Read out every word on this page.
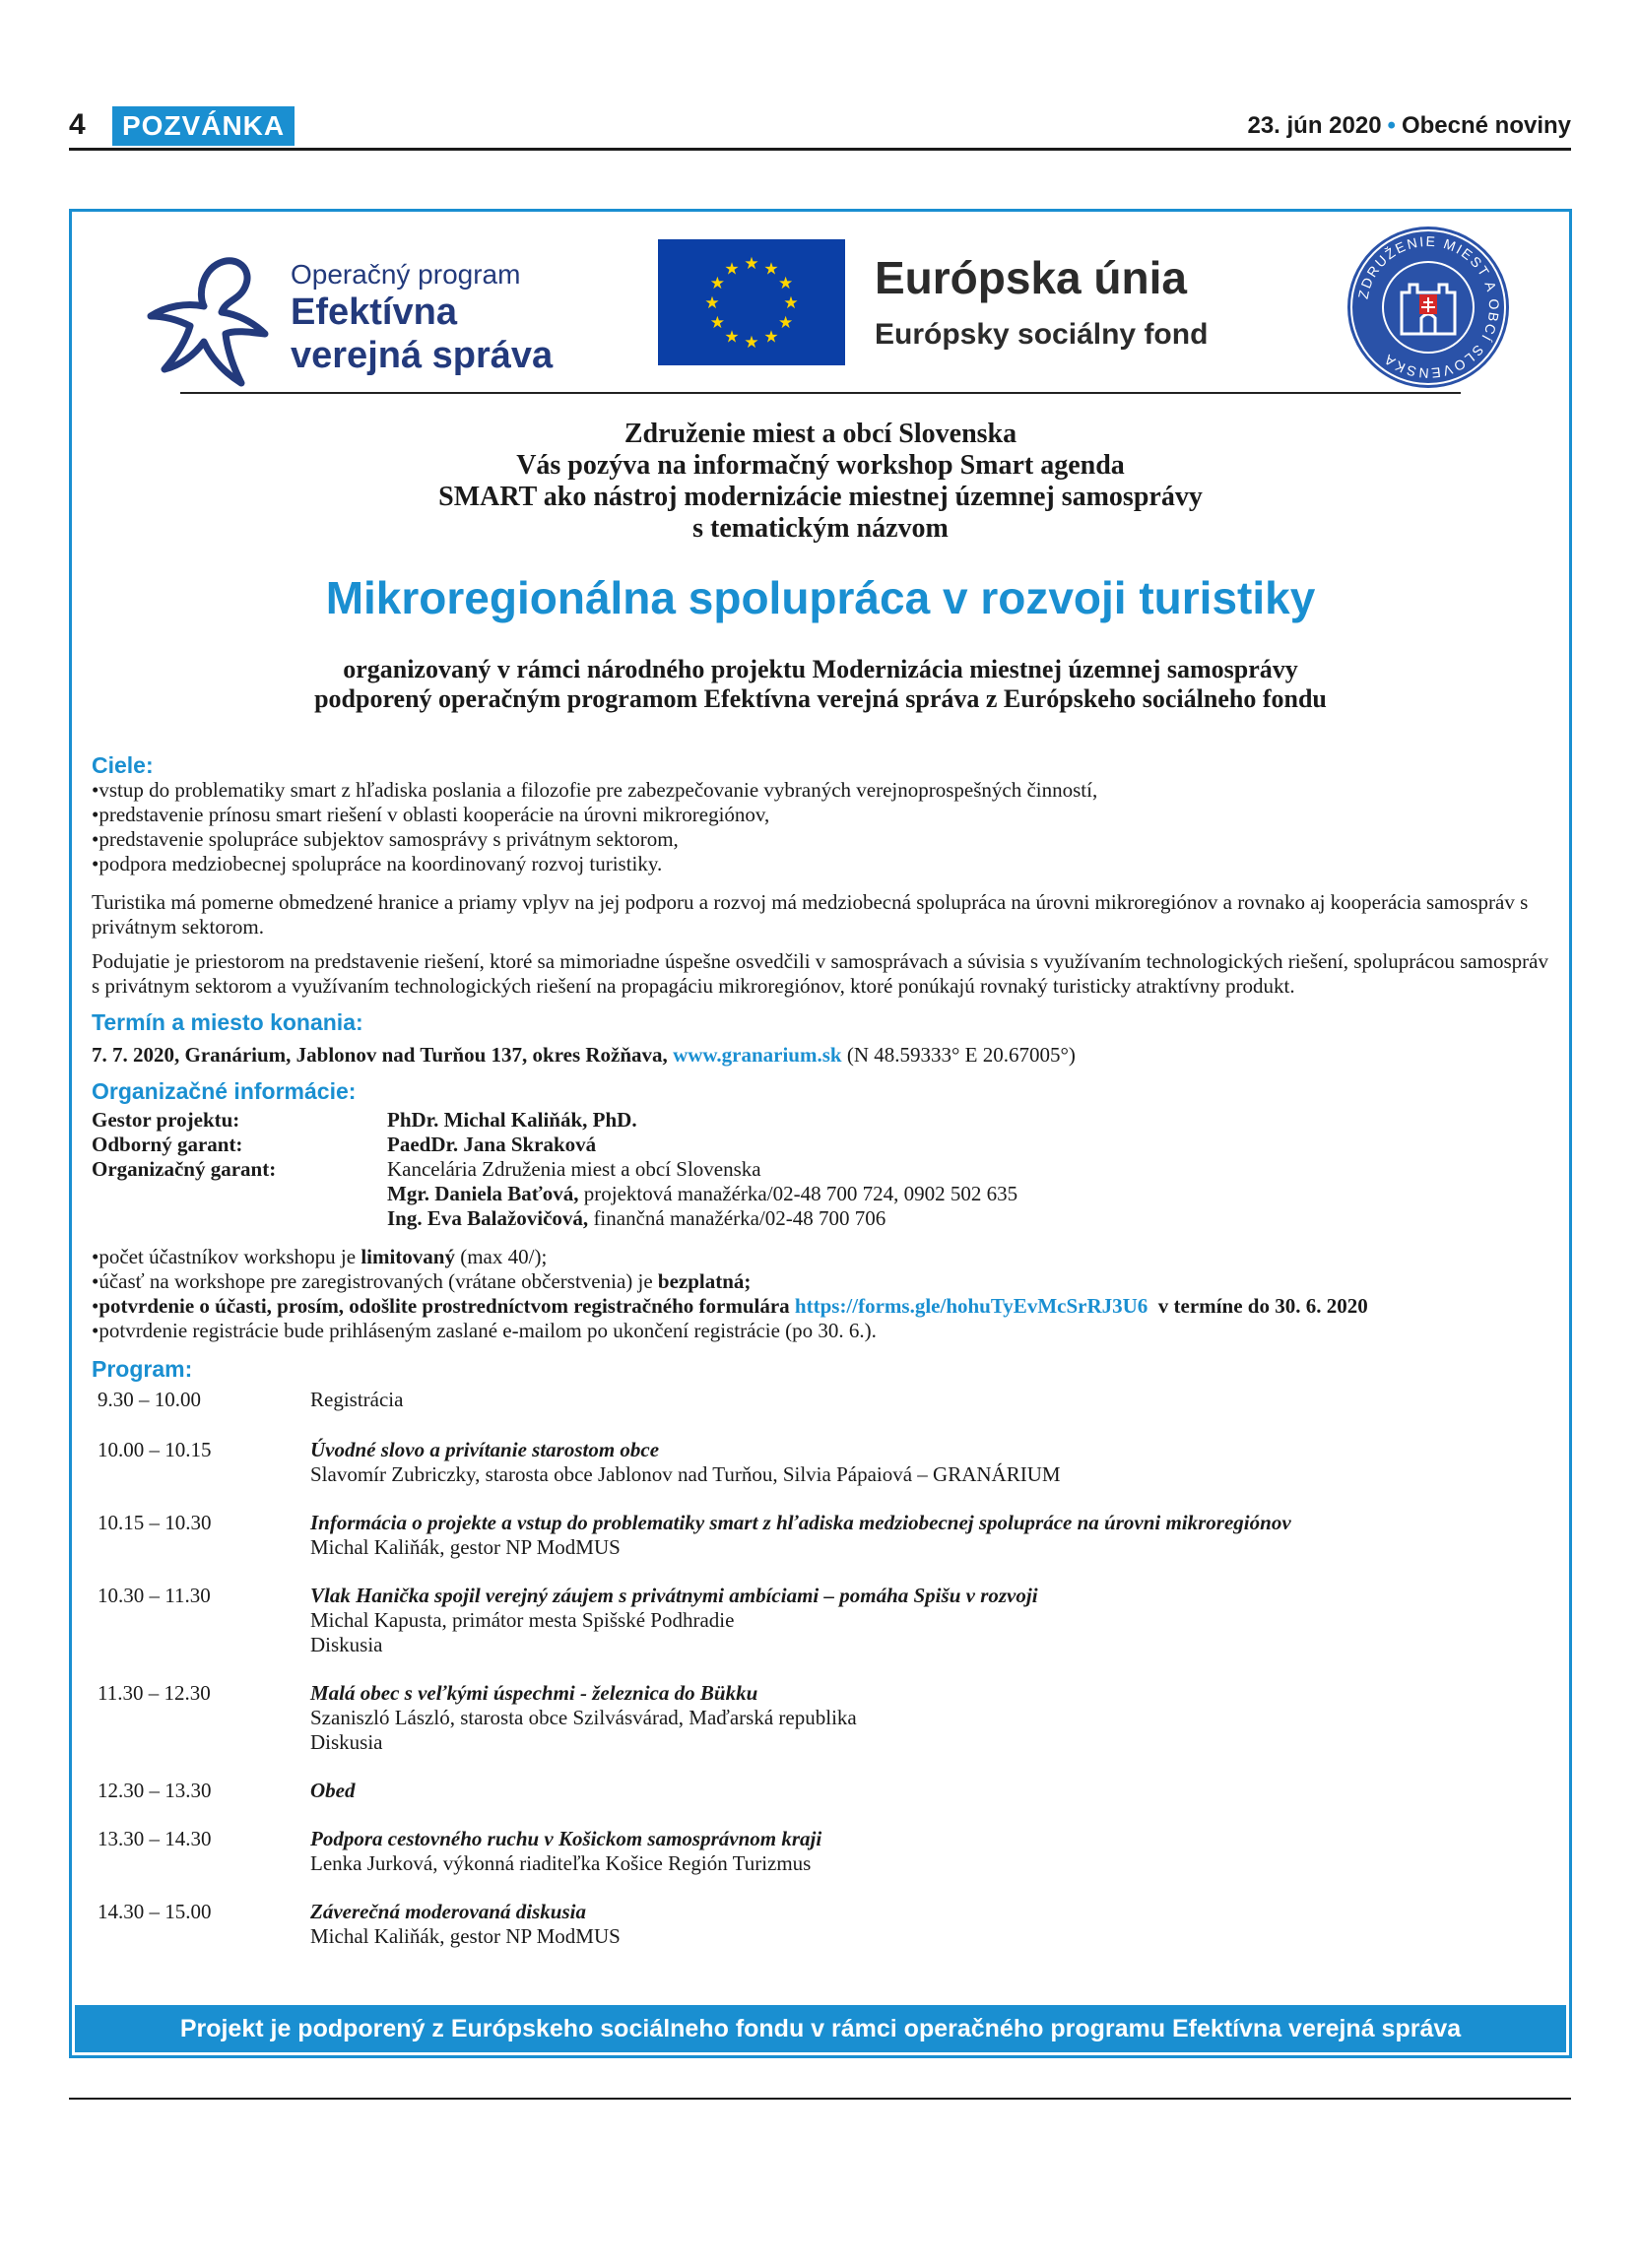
4	POZVÁNKA	23. jún 2020 • Obecné noviny
Operačný program
Efektívna
verejná správa
★ ★
★
★
★
★
★
★
★
★
★
★	Európska únia
Európsky sociálny fond
ZDRUŽENIE MIEST A OBCÍ SLOVENSKA
Združenie miest a obcí Slovenska
Vás pozýva na informačný workshop Smart agenda
SMART ako nástroj modernizácie miestnej územnej samosprávy
s tematickým názvom
Mikroregionálna spolupráca v rozvoji turistiky
organizovaný v rámci národného projektu Modernizácia miestnej územnej samosprávy
podporený operačným programom Efektívna verejná správa z Európskeho sociálneho fondu
Ciele:
• vstup do problematiky smart z hľadiska poslania a filozofie pre zabezpečovanie vybraných verejnoprospešných činností,
• predstavenie prínosu smart riešení v oblasti kooperácie na úrovni mikroregiónov,
• predstavenie spolupráce subjektov samosprávy s privátnym sektorom,
• podpora medziobecnej spolupráce na koordinovaný rozvoj turistiky.
Turistika má pomerne obmedzené hranice a priamy vplyv na jej podporu a rozvoj má medziobecná spolupráca na úrovni mikroregiónov a rovnako aj kooperácia samospráv s privátnym sektorom.
Podujatie je priestorom na predstavenie riešení, ktoré sa mimoriadne úspešne osvedčili v samosprávach a súvisia s využívaním technologických riešení, spoluprácou samospráv s privátnym sektorom a využívaním technologických riešení na propagáciu mikroregiónov, ktoré ponúkajú rovnaký turisticky atraktívny produkt.
Termín a miesto konania:
7. 7. 2020, Granárium, Jablonov nad Turňou 137, okres Rožňava, www.granarium.sk (N 48.59333° E 20.67005°)
Organizačné informácie:
Gestor projektu:	PhDr. Michal Kaliňák, PhD.
Odborný garant:	PaedDr. Jana Skraková
Organizačný garant:	Kancelária Združenia miest a obcí Slovenska
Mgr. Daniela Baťová, projektová manažérka/02-48 700 724, 0902 502 635
Ing. Eva Balažovičová, finančná manažérka/02-48 700 706
• počet účastníkov workshopu je limitovaný (max 40/);
• účasť na workshope pre zaregistrovaných (vrátane občerstvenia) je bezplatná;
• potvrdenie o účasti, prosím, odošlite prostredníctvom registračného formulára https://forms.gle/hohuTyEvMcSrRJ3U6 v termíne do 30. 6. 2020
• potvrdenie registrácie bude prihláseným zaslané e-mailom po ukončení registrácie (po 30. 6.).
Program:
9.30 – 10.00	Registrácia
10.00 – 10.15	Úvodné slovo a privítanie starostom obce
Slavomír Zubriczky, starosta obce Jablonov nad Turňou, Silvia Pápaiová – GRANÁRIUM
10.15 – 10.30	Informácia o projekte a vstup do problematiky smart z hľadiska medziobecnej spolupráce na úrovni mikroregiónov
Michal Kaliňák, gestor NP ModMUS
10.30 – 11.30	Vlak Hanička spojil verejný záujem s privátnymi ambíciami – pomáha Spišu v rozvoji
Michal Kapusta, primátor mesta Spišské Podhradie
Diskusia
11.30 – 12.30	Malá obec s veľkými úspechmi - železnica do Bükku
Szaniszló László, starosta obce Szilvásvárad, Maďarská republika
Diskusia
12.30 – 13.30	Obed
13.30 – 14.30	Podpora cestovného ruchu v Košickom samosprávnom kraji
Lenka Jurková, výkonná riaditeľka Košice Región Turizmus
14.30 – 15.00	Záverečná moderovaná diskusia
Michal Kaliňák, gestor NP ModMUS
Projekt je podporený z Európskeho sociálneho fondu v rámci operačného programu Efektívna verejná správa
